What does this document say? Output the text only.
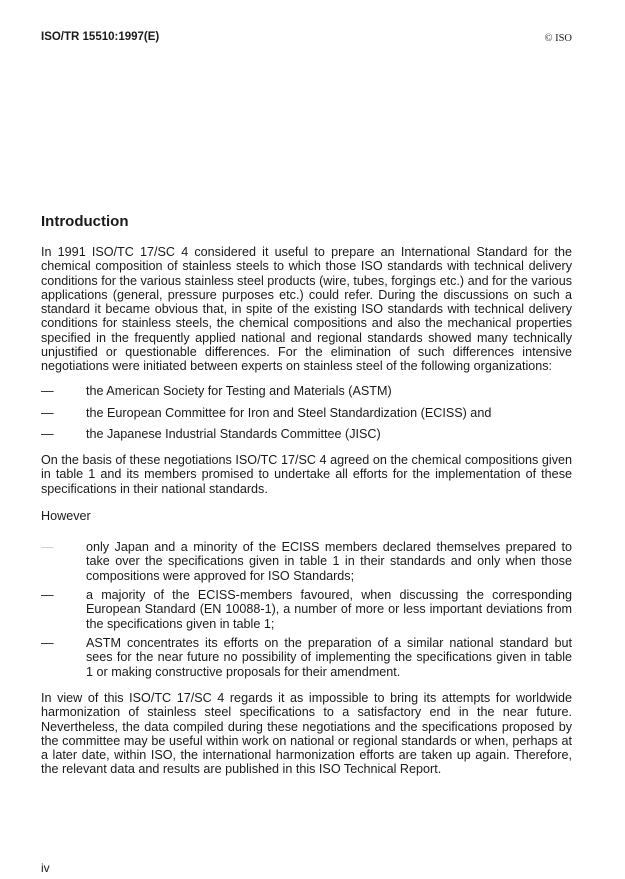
ISO/TR 15510:1997(E)	© ISO
Introduction
In 1991 ISO/TC 17/SC 4 considered it useful to prepare an International Standard for the chemical composition of stainless steels to which those ISO standards with technical delivery conditions for the various stainless steel products (wire, tubes, forgings etc.) and for the various applications (general, pressure purposes etc.) could refer. During the discussions on such a standard it became obvious that, in spite of the existing ISO standards with technical delivery conditions for stainless steels, the chemical compositions and also the mechanical properties specified in the frequently applied national and regional standards showed many technically unjustified or questionable differences. For the elimination of such differences intensive negotiations were initiated between experts on stainless steel of the following organizations:
—	the American Society for Testing and Materials (ASTM)
—	the European Committee for Iron and Steel Standardization (ECISS) and
—	the Japanese Industrial Standards Committee (JISC)
On the basis of these negotiations ISO/TC 17/SC 4 agreed on the chemical compositions given in table 1 and its members promised to undertake all efforts for the implementation of these specifications in their national standards.
However
—	only Japan and a minority of the ECISS members declared themselves prepared to take over the specifications given in table 1 in their standards and only when those compositions were approved for ISO Standards;
—	a majority of the ECISS-members favoured, when discussing the corresponding European Standard (EN 10088-1), a number of more or less important deviations from the specifications given in table 1;
—	ASTM concentrates its efforts on the preparation of a similar national standard but sees for the near future no possibility of implementing the specifications given in table 1 or making constructive proposals for their amendment.
In view of this ISO/TC 17/SC 4 regards it as impossible to bring its attempts for worldwide harmonization of stainless steel specifications to a satisfactory end in the near future. Nevertheless, the data compiled during these negotiations and the specifications proposed by the committee may be useful within work on national or regional standards or when, perhaps at a later date, within ISO, the international harmonization efforts are taken up again. Therefore, the relevant data and results are published in this ISO Technical Report.
iv
